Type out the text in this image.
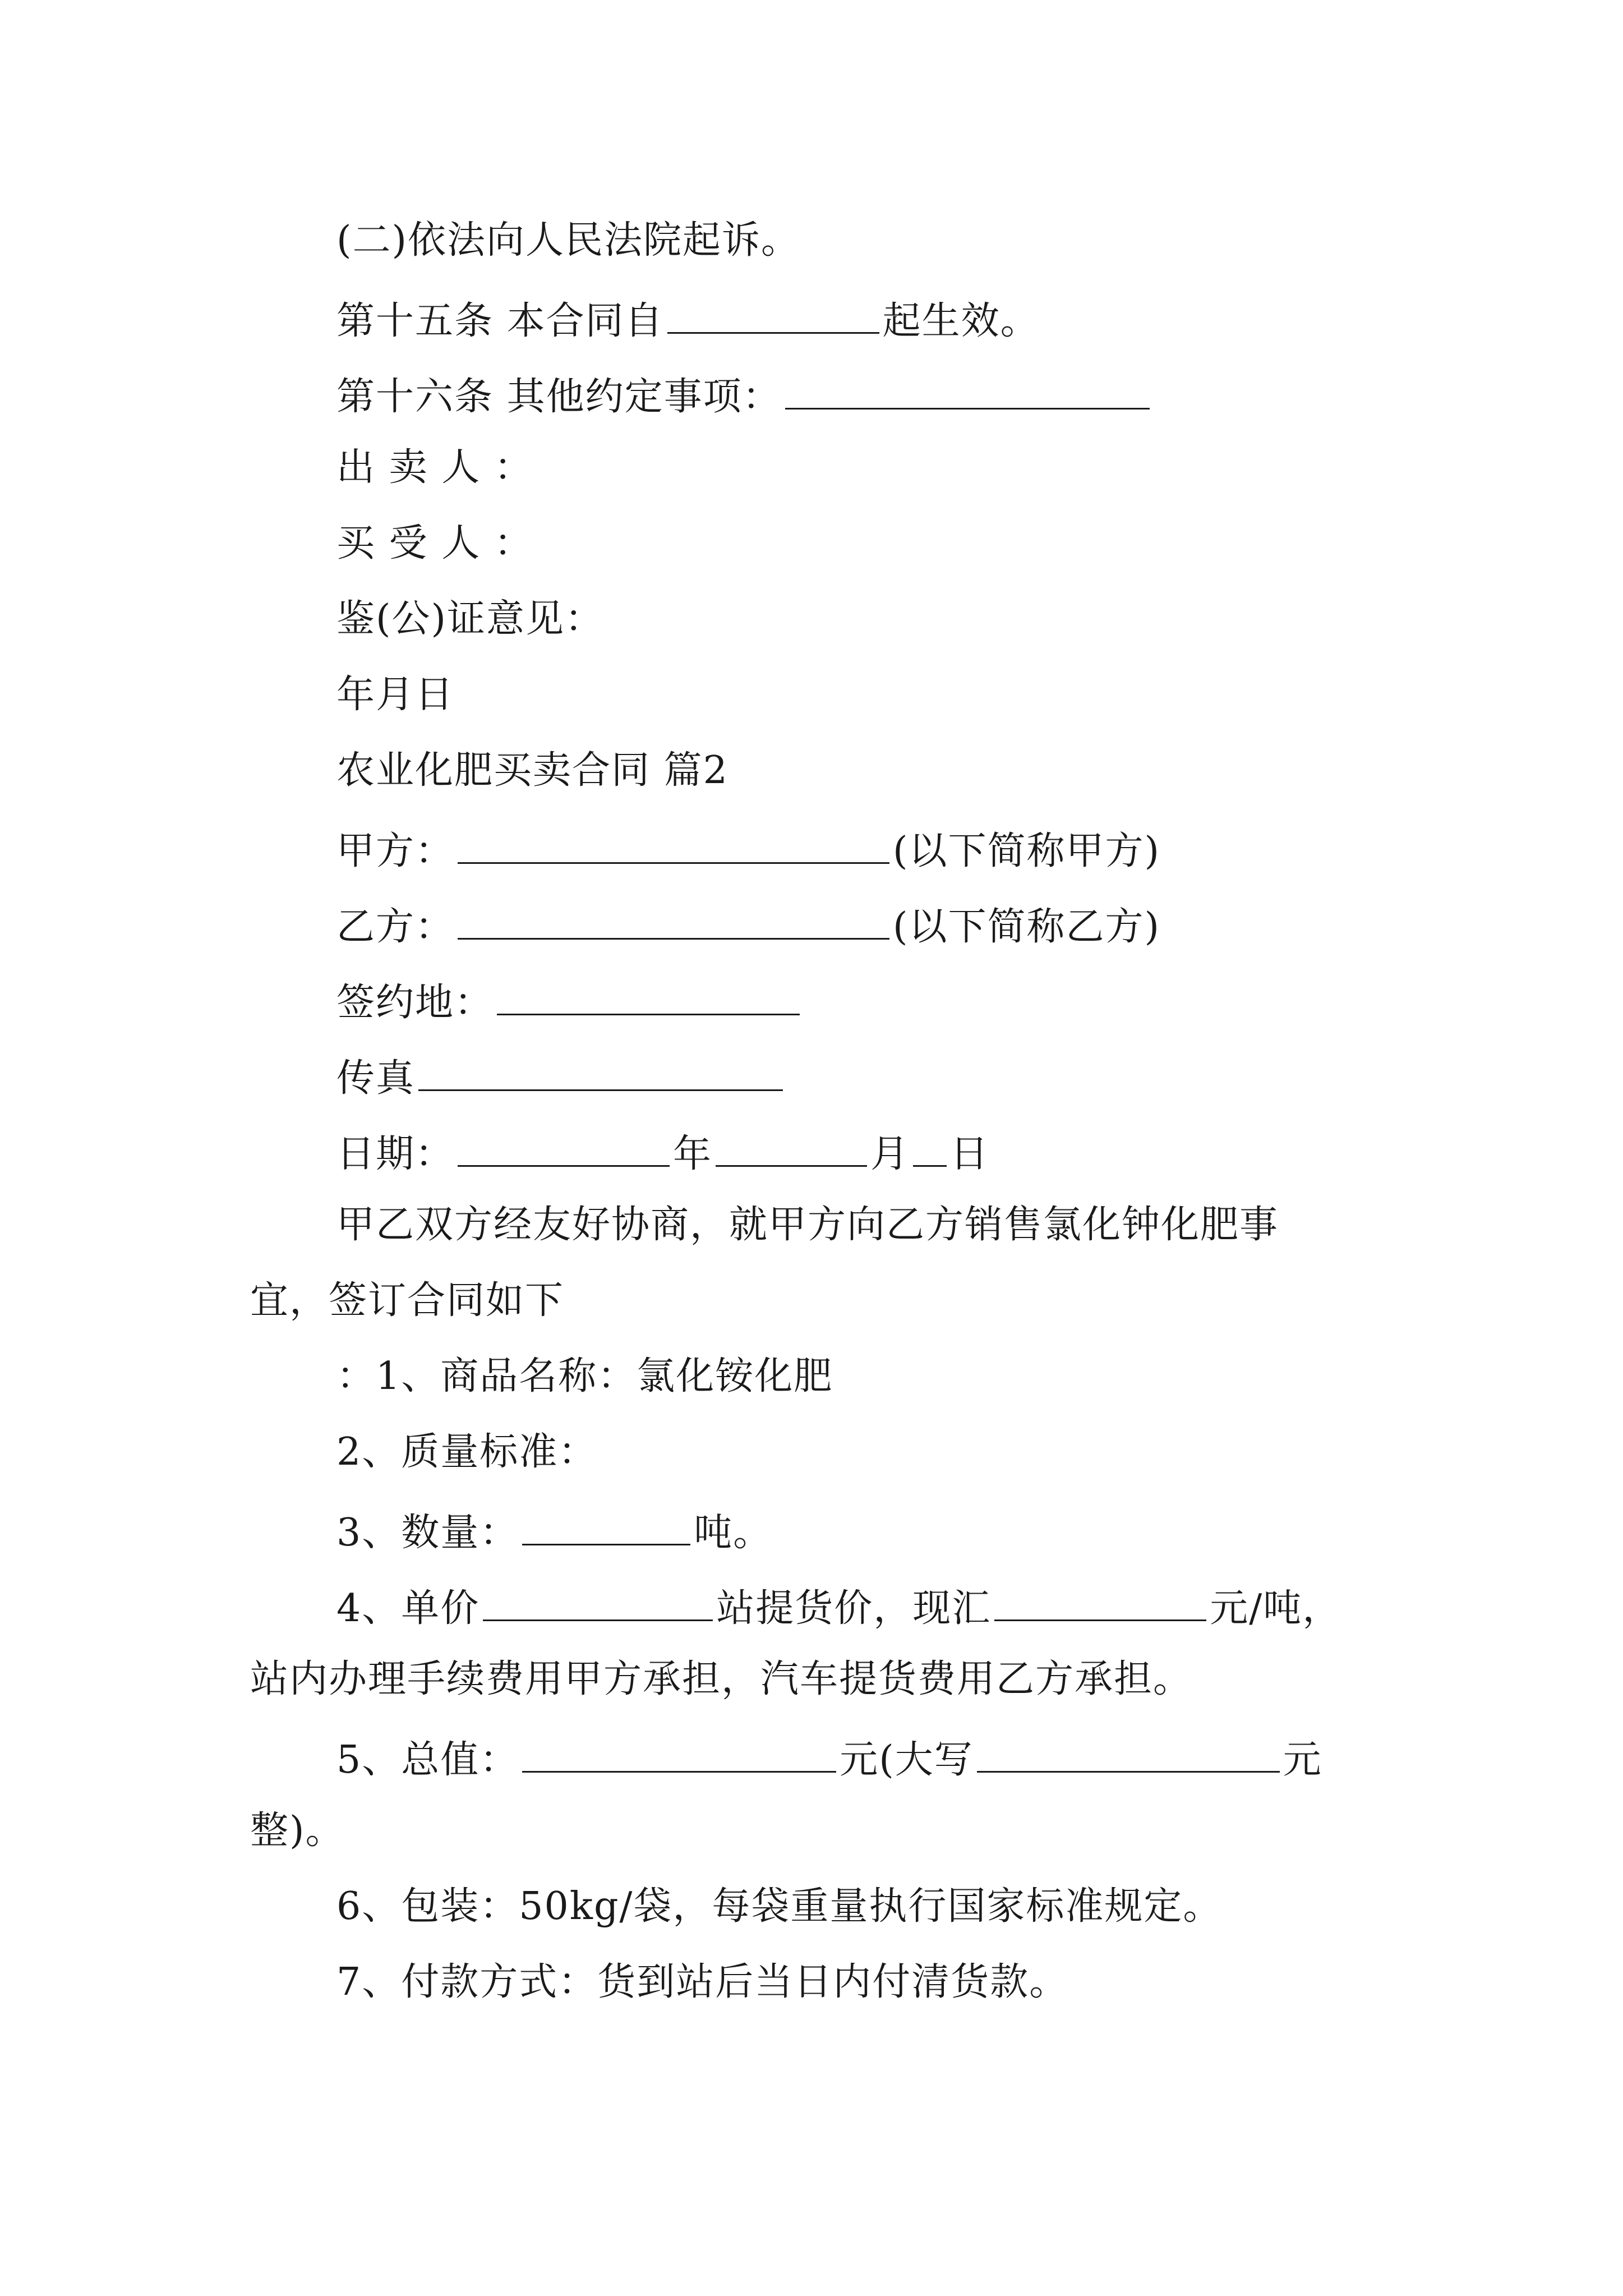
(二)依法向人民法院起诉。
第十五条 本合同自	起生效。
第十六条 其他约定事项：
出 卖 人 ：
买 受 人 ：
鉴(公)证意见：
年月日
农业化肥买卖合同 篇2
甲方：	(以下简称甲方)
乙方：	(以下简称乙方)
签约地：
传真
日期：	年	月 日
甲乙双方经友好协商，就甲方向乙方销售氯化钟化肥事
宜，签订合同如下
：1、商品名称：氯化铵化肥
2、质量标准：
3、数量：	吨。
4、单价	站提货价，现汇	元/吨，
站内办理手续费用甲方承担，汽车提货费用乙方承担。
5、总值：	元(大写	元
整)。
6、包装：50kg/袋，每袋重量执行国家标准规定。
7、付款方式：货到站后当日内付清货款。
